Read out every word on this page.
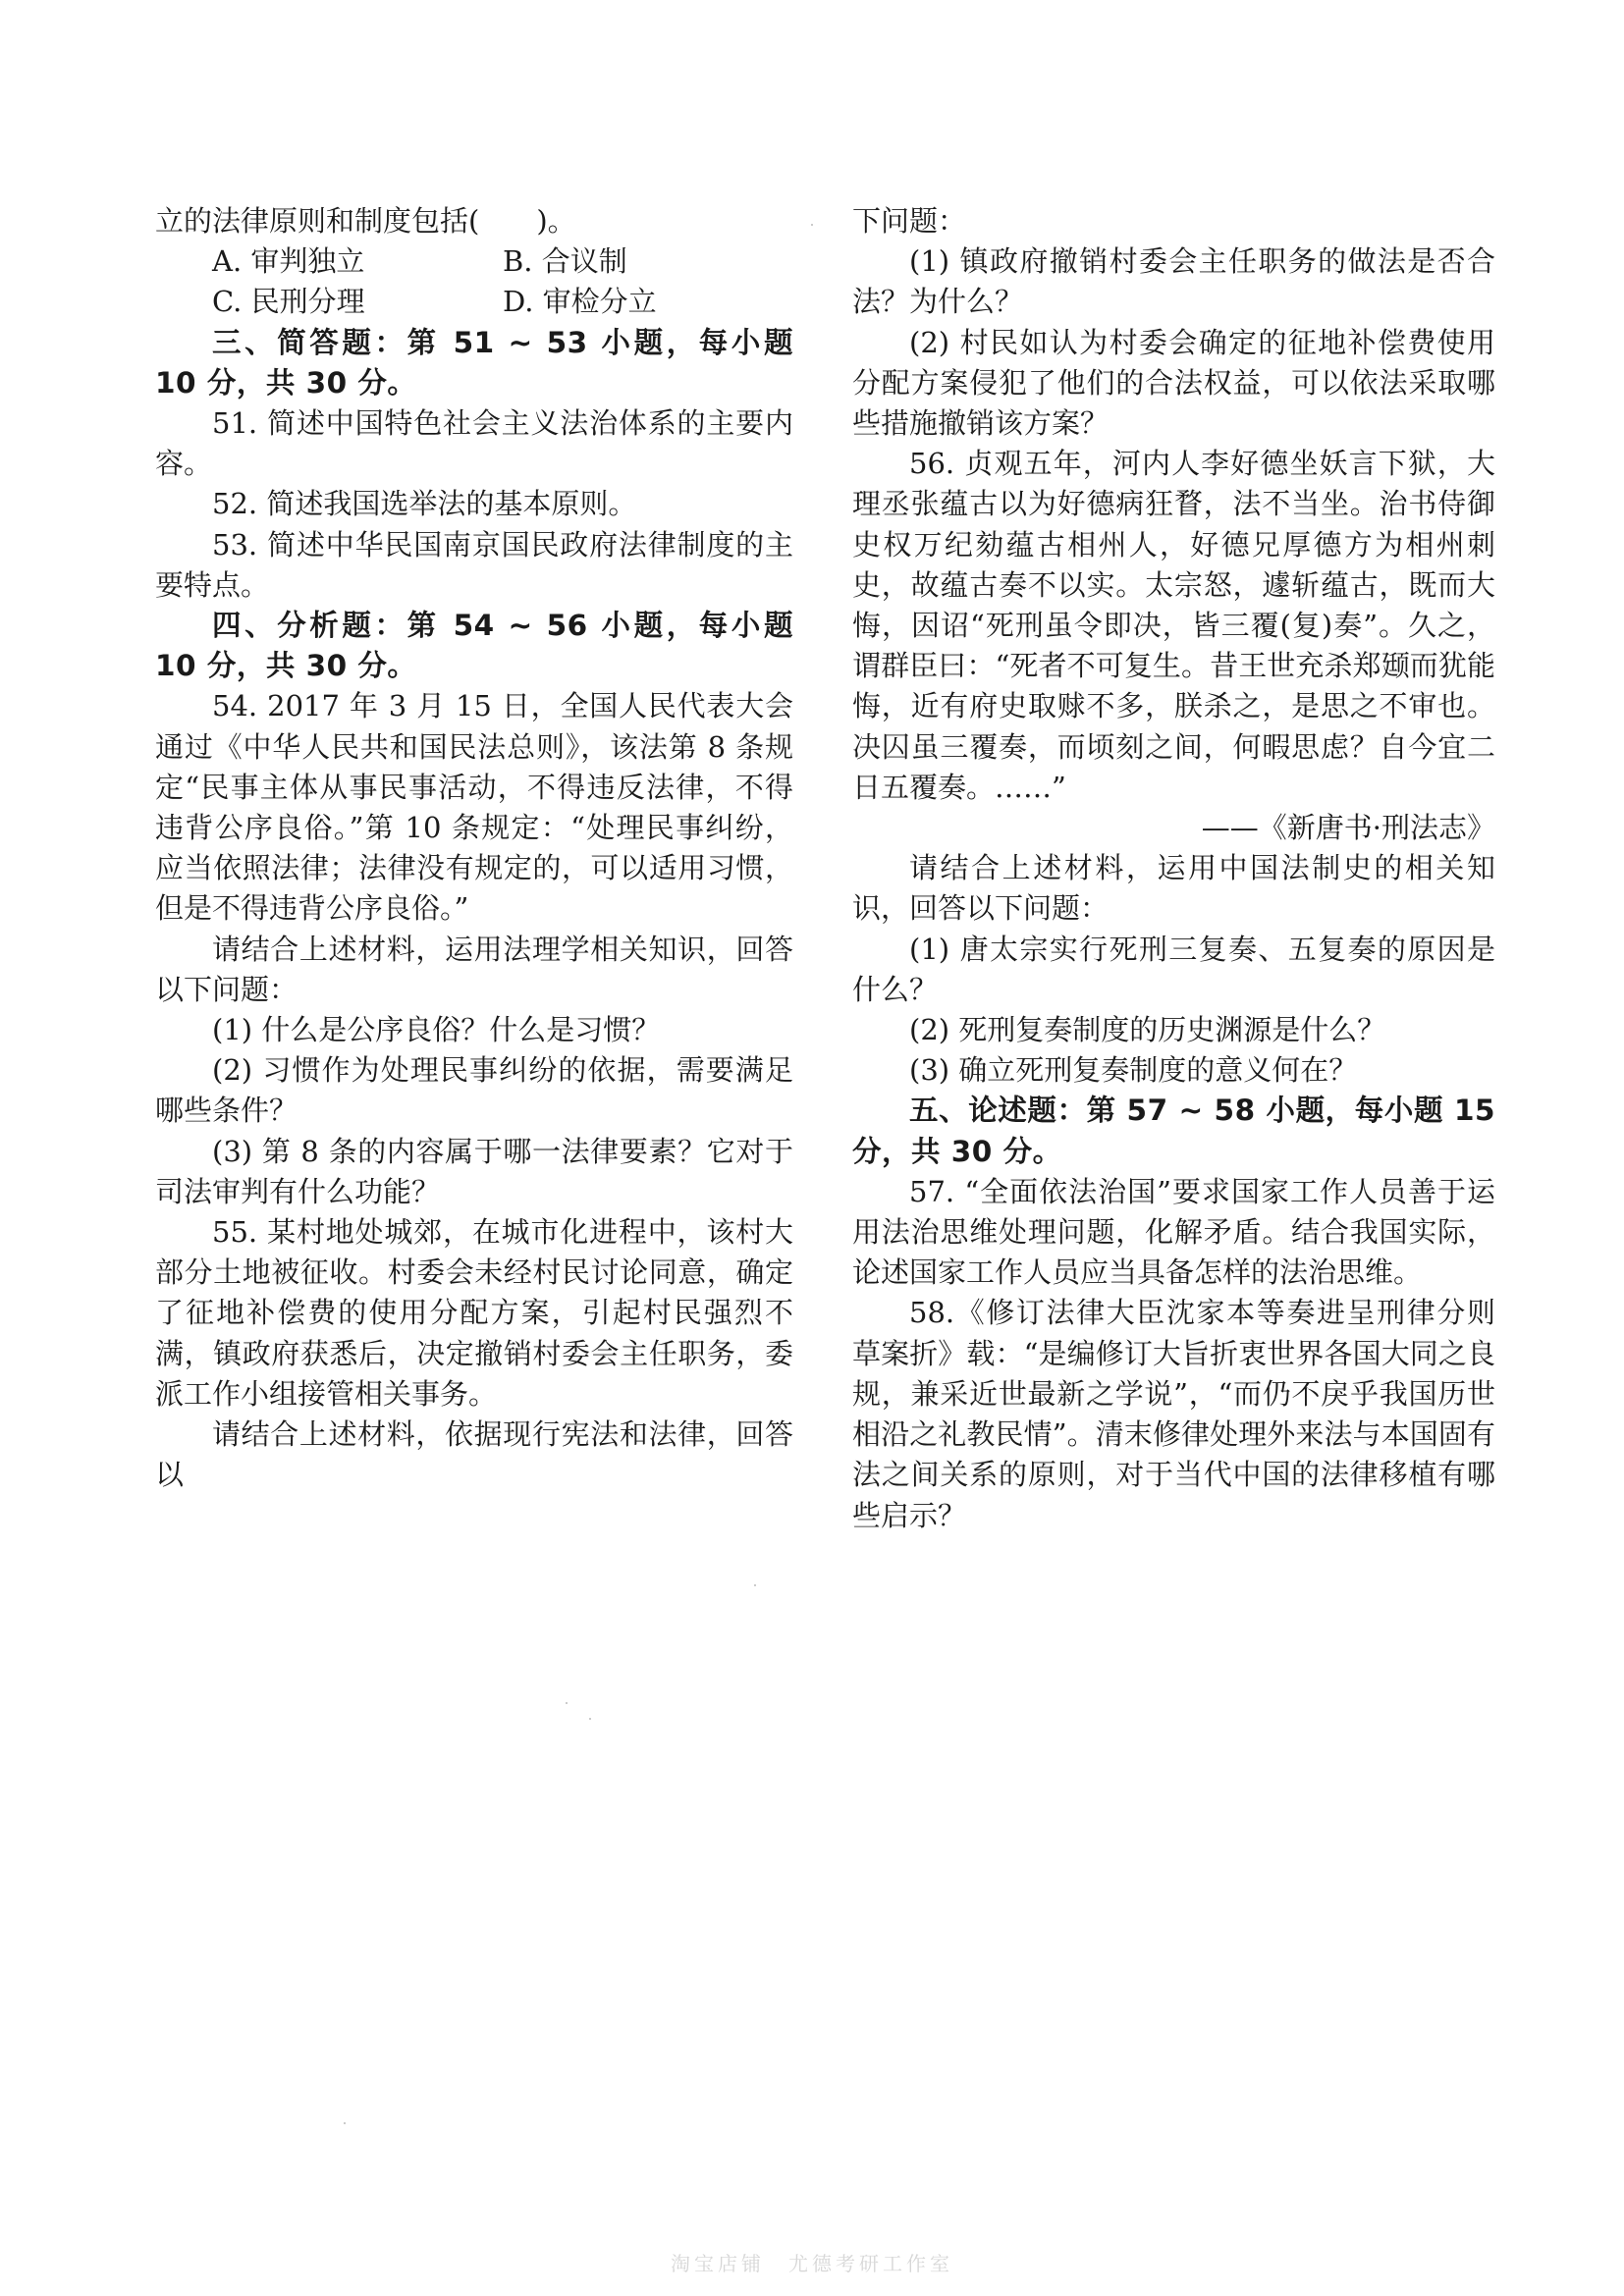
立的法律原则和制度包括(　　)。

A. 审判独立	B. 合议制
C. 民刑分理	D. 审检分立

三、简答题：第 51 ~ 53 小题，每小题 10 分，共 30 分。

51. 简述中国特色社会主义法治体系的主要内容。

52. 简述我国选举法的基本原则。

53. 简述中华民国南京国民政府法律制度的主要特点。

四、分析题：第 54 ~ 56 小题，每小题 10 分，共 30 分。

54. 2017 年 3 月 15 日，全国人民代表大会通过《中华人民共和国民法总则》，该法第 8 条规定“民事主体从事民事活动，不得违反法律，不得违背公序良俗。”第 10 条规定：“处理民事纠纷，应当依照法律；法律没有规定的，可以适用习惯，但是不得违背公序良俗。”

请结合上述材料，运用法理学相关知识，回答以下问题：

(1) 什么是公序良俗？什么是习惯？

(2) 习惯作为处理民事纠纷的依据，需要满足哪些条件？

(3) 第 8 条的内容属于哪一法律要素？它对于司法审判有什么功能？

55. 某村地处城郊，在城市化进程中，该村大部分土地被征收。村委会未经村民讨论同意，确定了征地补偿费的使用分配方案，引起村民强烈不满，镇政府获悉后，决定撤销村委会主任职务，委派工作小组接管相关事务。

请结合上述材料，依据现行宪法和法律，回答以

下问题：

(1) 镇政府撤销村委会主任职务的做法是否合法？为什么？

(2) 村民如认为村委会确定的征地补偿费使用分配方案侵犯了他们的合法权益，可以依法采取哪些措施撤销该方案？

56. 贞观五年，河内人李好德坐妖言下狱，大理丞张蕴古以为好德病狂瞀，法不当坐。治书侍御史权万纪劾蕴古相州人，好德兄厚德方为相州刺史，故蕴古奏不以实。太宗怒，遽斩蕴古，既而大悔，因诏“死刑虽令即决，皆三覆(复)奏”。久之，谓群臣曰：“死者不可复生。昔王世充杀郑颋而犹能悔，近有府史取赇不多，朕杀之，是思之不审也。决囚虽三覆奏，而顷刻之间，何暇思虑？自今宜二日五覆奏。……”

——《新唐书·刑法志》

请结合上述材料，运用中国法制史的相关知识，回答以下问题：

(1) 唐太宗实行死刑三复奏、五复奏的原因是什么？

(2) 死刑复奏制度的历史渊源是什么？

(3) 确立死刑复奏制度的意义何在？

五、论述题：第 57 ~ 58 小题，每小题 15 分，共 30 分。

57. “全面依法治国”要求国家工作人员善于运用法治思维处理问题，化解矛盾。结合我国实际，论述国家工作人员应当具备怎样的法治思维。

58.《修订法律大臣沈家本等奏进呈刑律分则草案折》载：“是编修订大旨折衷世界各国大同之良规，兼采近世最新之学说”，“而仍不戾乎我国历世相沿之礼教民情”。清末修律处理外来法与本国固有法之间关系的原则，对于当代中国的法律移植有哪些启示？

淘宝店铺　尤德考研工作室
